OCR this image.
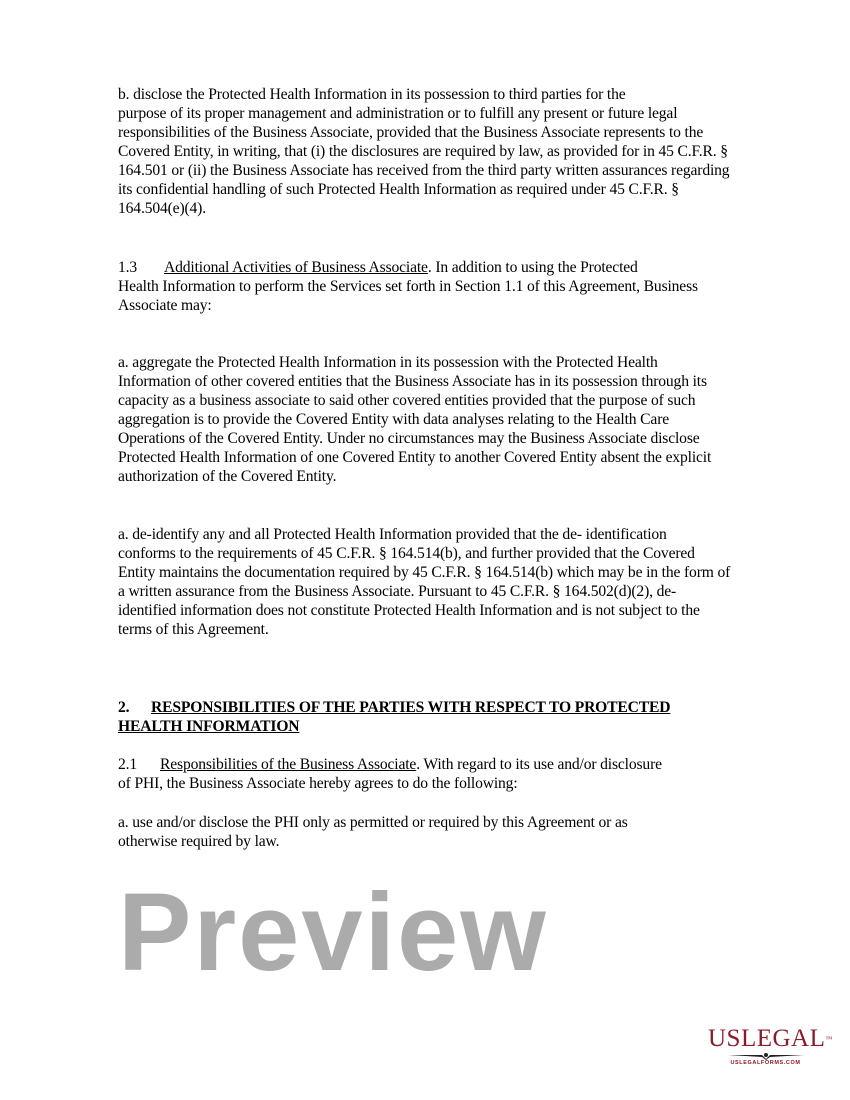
b. disclose the Protected Health Information in its possession to third parties for the
purpose of its proper management and administration or to fulfill any present or future legal
responsibilities of the Business Associate, provided that the Business Associate represents to the
Covered Entity, in writing, that (i) the disclosures are required by law, as provided for in 45 C.F.R. §
164.501 or (ii) the Business Associate has received from the third party written assurances regarding
its confidential handling of such Protected Health Information as required under 45 C.F.R. §
164.504(e)(4).
1.3 Additional Activities of Business Associate. In addition to using the Protected
Health Information to perform the Services set forth in Section 1.1 of this Agreement, Business
Associate may:
a. aggregate the Protected Health Information in its possession with the Protected Health
Information of other covered entities that the Business Associate has in its possession through its
capacity as a business associate to said other covered entities provided that the purpose of such
aggregation is to provide the Covered Entity with data analyses relating to the Health Care
Operations of the Covered Entity. Under no circumstances may the Business Associate disclose
Protected Health Information of one Covered Entity to another Covered Entity absent the explicit
authorization of the Covered Entity.
a. de-identify any and all Protected Health Information provided that the de- identification
conforms to the requirements of 45 C.F.R. § 164.514(b), and further provided that the Covered
Entity maintains the documentation required by 45 C.F.R. § 164.514(b) which may be in the form of
a written assurance from the Business Associate. Pursuant to 45 C.F.R. § 164.502(d)(2), de-
identified information does not constitute Protected Health Information and is not subject to the
terms of this Agreement.
2. RESPONSIBILITIES OF THE PARTIES WITH RESPECT TO PROTECTED
HEALTH INFORMATION
2.1 Responsibilities of the Business Associate. With regard to its use and/or disclosure
of PHI, the Business Associate hereby agrees to do the following:
a. use and/or disclose the PHI only as permitted or required by this Agreement or as
otherwise required by law.
Preview
USLEGAL™
USLEGALFORMS.COM
